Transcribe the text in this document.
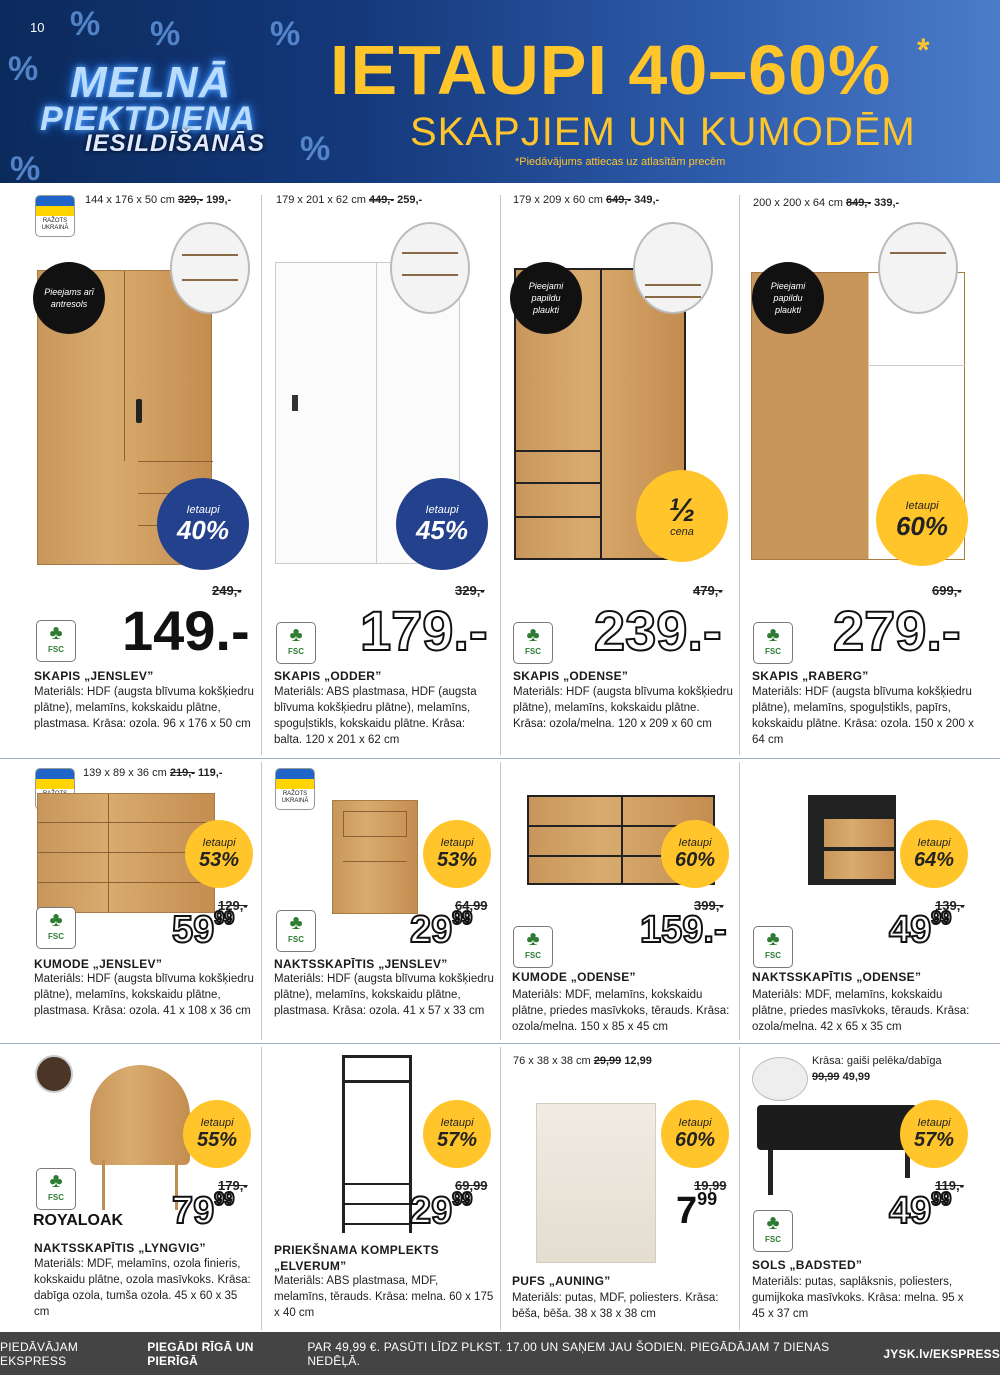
10 % %	%
%
%
%
MELNĀ
PIEKTDIENA
IESILDĪŠANĀS
IETAUPI 40–60% *
SKAPJIEM UN KUMODĒM
*Piedāvājums attiecas uz atlasītām precēm
RAŽOTS UKRAINĀ
144 x 176 x 50 cm 329,- 199,-
Pieejams arī antresols
Ietaupi
40%
249,-
♣
FSC 149.-
SKAPIS „JENSLEV”
Materiāls: HDF (augsta blīvuma kokšķiedru plātne), melamīns, kokskaidu plātne, plastmasa. Krāsa: ozola. 96 x 176 x 50 cm
179 x 201 x 62 cm 449,- 259,-
Ietaupi
45%
329,-
♣
FSC 179.-
SKAPIS „ODDER”
Materiāls: ABS plastmasa, HDF (augsta blīvuma kokšķiedru plātne), melamīns, spoguļstikls, kokskaidu plātne. Krāsa: balta. 120 x 201 x 62 cm
179 x 209 x 60 cm 649,- 349,-
Pieejami papildu plaukti
½
cena
479,-
♣
FSC 239.-
SKAPIS „ODENSE”
Materiāls: HDF (augsta blīvuma kokšķiedru plātne), melamīns, kokskaidu plātne. Krāsa: ozola/melna. 120 x 209 x 60 cm
200 x 200 x 64 cm 849,- 339,-
Pieejami papildu plaukti
Ietaupi
60%
699,-
♣
FSC 279.-
SKAPIS „RABERG”
Materiāls: HDF (augsta blīvuma kokšķiedru plātne), melamīns, spoguļstikls, papīrs, kokskaidu plātne. Krāsa: ozola. 150 x 200 x 64 cm
139 x 89 x 36 cm 219,- 119,-
Ietaupi
53%
129,-
♣
FSC	$59^{99}$
KUMODE „JENSLEV”
Materiāls: HDF (augsta blīvuma kokšķiedru plātne), melamīns, kokskaidu plātne, plastmasa. Krāsa: ozola. 41 x 108 x 36 cm
RAŽOTS UKRAINĀ
Ietaupi
53%
64,99
♣
FSC	$29^{99}$
NAKTSSKAPĪTIS „JENSLEV”
Materiāls: HDF (augsta blīvuma kokšķiedru plātne), melamīns, kokskaidu plātne, plastmasa. Krāsa: ozola. 41 x 57 x 33 cm
Ietaupi
60%
399,-
♣
FSC
159.-
KUMODE „ODENSE”
Materiāls: MDF, melamīns, kokskaidu plātne, priedes masīvkoks, tērauds. Krāsa: ozola/melna. 150 x 85 x 45 cm
Ietaupi
64%
139,-
♣
FSC
$49^{99}$
NAKTSSKAPĪTIS „ODENSE”
Materiāls: MDF, melamīns, kokskaidu plātne, priedes masīvkoks, tērauds. Krāsa: ozola/melna. 42 x 65 x 35 cm
Ietaupi
55%
179,-
♣
FSC
ROYALOAK $79^{99}$
NAKTSSKAPĪTIS „LYNGVIG”
Materiāls: MDF, melamīns, ozola finieris, kokskaidu plātne, ozola masīvkoks. Krāsa: dabīga ozola, tumša ozola. 45 x 60 x 35 cm
Ietaupi
57%
69,99
$29^{99}$
PRIEKŠNAMA KOMPLEKTS „ELVERUM”
Materiāls: ABS plastmasa, MDF, melamīns, tērauds. Krāsa: melna. 60 x 175 x 40 cm
76 x 38 x 38 cm 29,99 12,99
Ietaupi
60%
19,99
$7^{99}$
PUFS „AUNING”
Materiāls: putas, MDF, poliesters. Krāsa: bēša, bēša. 38 x 38 x 38 cm
Krāsa: gaiši pelēka/dabīga
99,99 49,99
Ietaupi
57%
119,-
♣
FSC
$49^{99}$
SOLS „BADSTED”
Materiāls: putas, saplāksnis, poliesters, gumijkoka masīvkoks. Krāsa: melna. 95 x 45 x 37 cm
PIEDĀVĀJAM EKSPRESS
PIEGĀDI RĪGĀ UN PIERĪGĀ
PAR 49,99 €. PASŪTI LĪDZ PLKST. 17.00 UN SAŅEM JAU ŠODIEN. PIEGĀDĀJAM 7 DIENAS NEDĒĻĀ.	JYSK.lv/EKSPRESS
